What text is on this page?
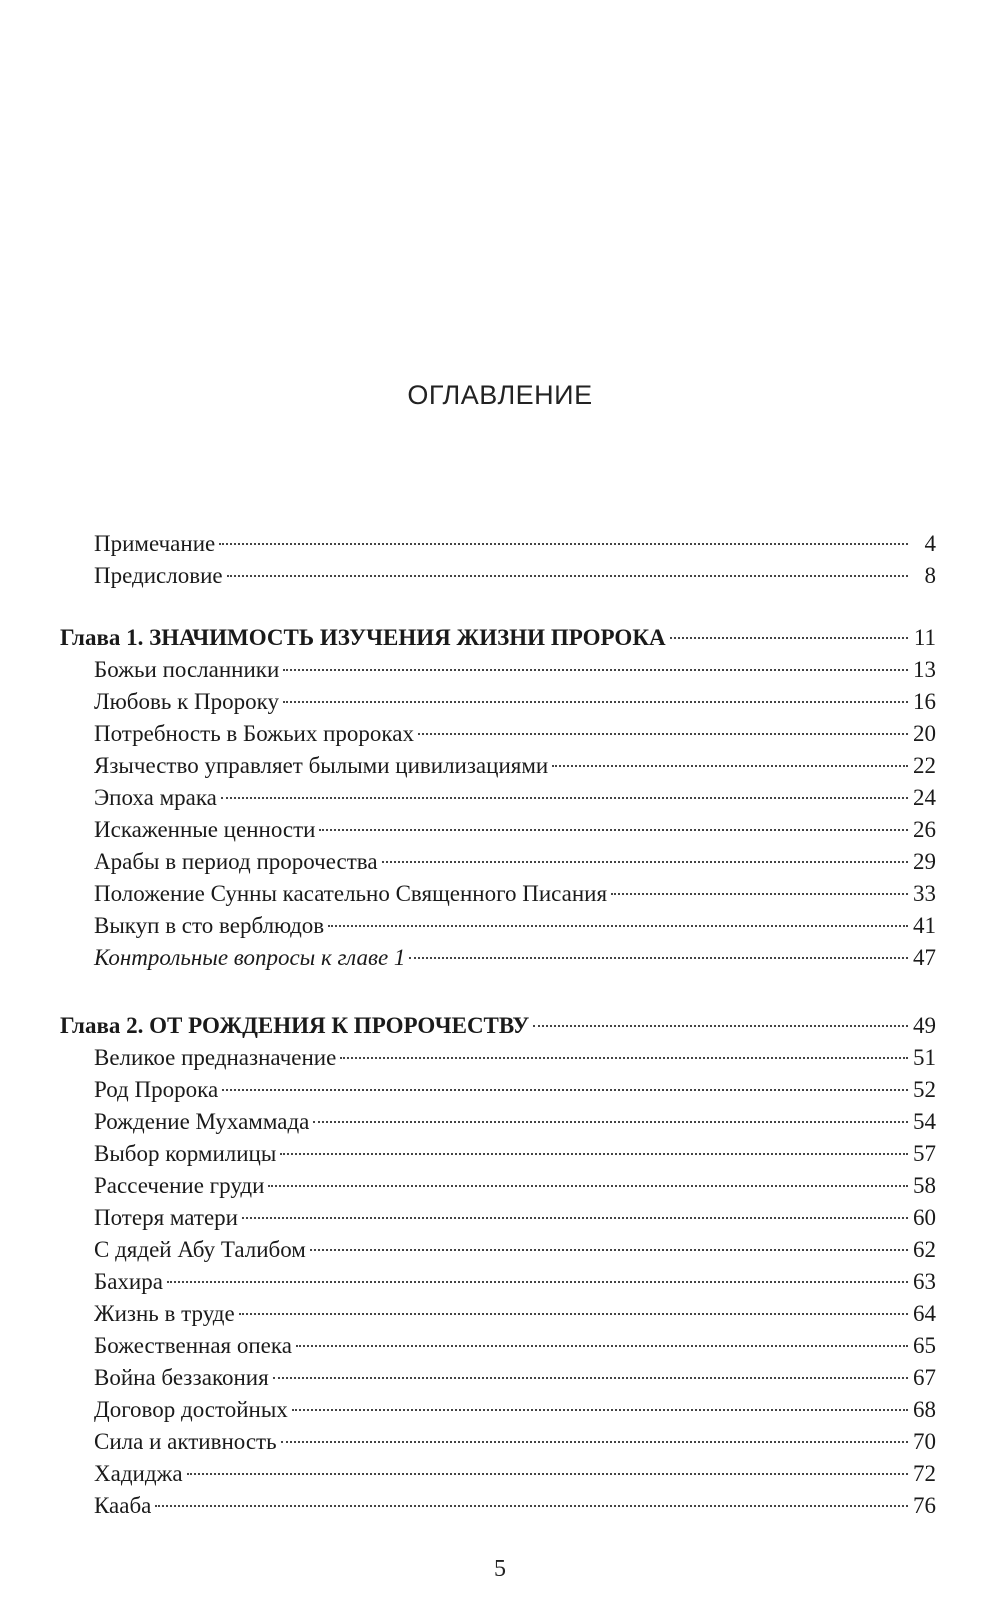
ОГЛАВЛЕНИЕ
Примечание	4
Предисловие	8
Глава 1. ЗНАЧИМОСТЬ ИЗУЧЕНИЯ ЖИЗНИ ПРОРОКА	11
Божьи посланники	13
Любовь к Пророку	16
Потребность в Божьих пророках	20
Язычество управляет былыми цивилизациями	22
Эпоха мрака	24
Искаженные ценности	26
Арабы в период пророчества	29
Положение Сунны касательно Священного Писания	33
Выкуп в сто верблюдов	41
Контрольные вопросы к главе 1	47
Глава 2. ОТ РОЖДЕНИЯ К ПРОРОЧЕСТВУ	49
Великое предназначение	51
Род Пророка	52
Рождение Мухаммада	54
Выбор кормилицы	57
Рассечение груди	58
Потеря матери	60
С дядей Абу Талибом	62
Бахира	63
Жизнь в труде	64
Божественная опека	65
Война беззакония	67
Договор достойных	68
Сила и активность	70
Хадиджа	72
Кааба	76
5
